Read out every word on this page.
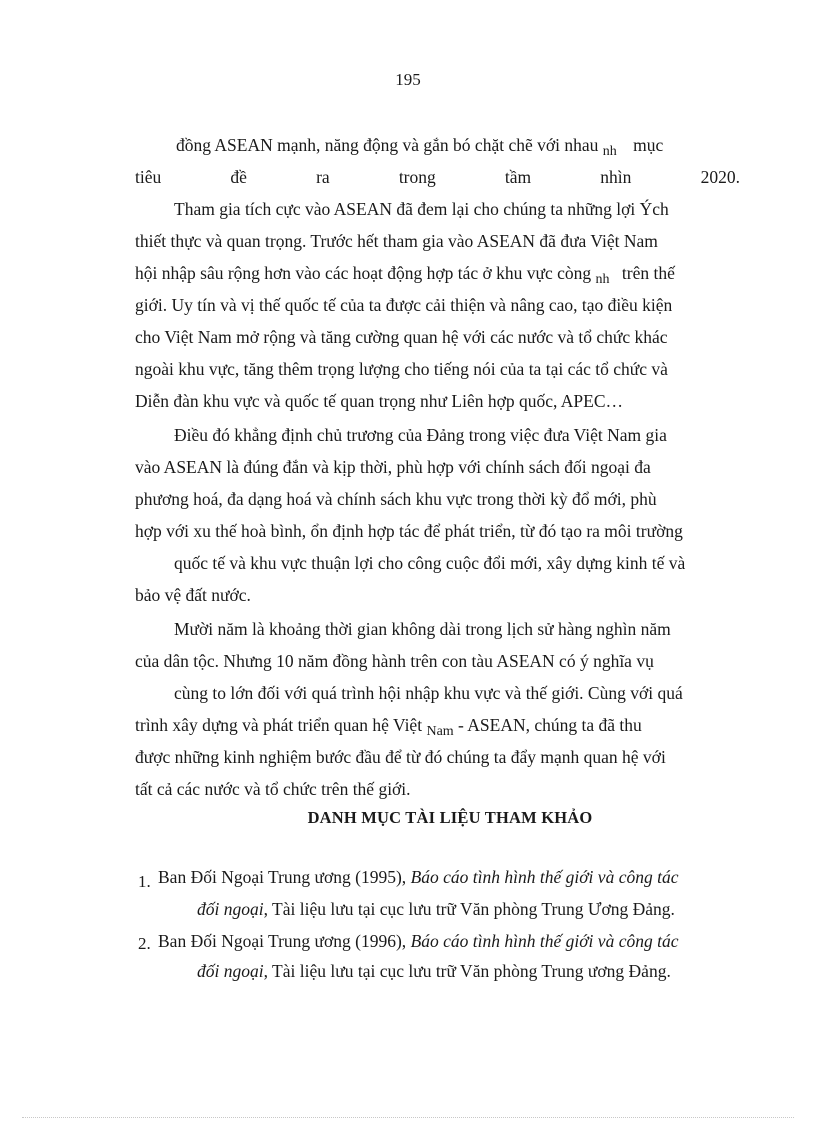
195
đồng ASEAN mạnh, năng động và gắn bó chặt chẽ với nhau $_{nh}$ mục
tiêu	đề	ra	trong	tầm	nhìn	2020.
Tham gia tích cực vào ASEAN đã đem lại cho chúng ta những lợi Ých
thiết thực và quan trọng. Trước hết tham gia vào ASEAN đã đưa Việt Nam
hội nhập sâu rộng hơn vào các hoạt động hợp tác ở khu vực còng $_{nh}$ trên thế
giới. Uy tín và vị thế quốc tế của ta được cải thiện và nâng cao, tạo điều kiện
cho Việt Nam mở rộng và tăng cường quan hệ với các nước và tổ chức khác
ngoài khu vực, tăng thêm trọng lượng cho tiếng nói của ta tại các tổ chức và
Diễn đàn khu vực và quốc tế quan trọng như Liên hợp quốc, APEC…
Điều đó khẳng định chủ trương của Đảng trong việc đưa Việt Nam gia
vào ASEAN là đúng đắn và kịp thời, phù hợp với chính sách đối ngoại đa
phương hoá, đa dạng hoá và chính sách khu vực trong thời kỳ đổ mới, phù
hợp với xu thế hoà bình, ổn định hợp tác để phát triển, từ đó tạo ra môi trường
quốc tế và khu vực thuận lợi cho công cuộc đổi mới, xây dựng kinh tế và
bảo vệ đất nước.
Mười năm là khoảng thời gian không dài trong lịch sử hàng nghìn năm
của dân tộc. Nhưng 10 năm đồng hành trên con tàu ASEAN có ý nghĩa vụ
cùng to lớn đối với quá trình hội nhập khu vực và thế giới. Cùng với quá
trình xây dựng và phát triển quan hệ Việt $_{Nam}$ - ASEAN, chúng ta đã thu
được những kinh nghiệm bước đầu để từ đó chúng ta đẩy mạnh quan hệ với
tất cả các nước và tổ chức trên thế giới.
DANH MỤC TÀI LIỆU THAM KHẢO
1. Ban Đối Ngoại Trung ương (1995), Báo cáo tình hình thế giới và công tác
đối ngoại, Tài liệu lưu tại cục lưu trữ Văn phòng Trung Ương Đảng.
2. Ban Đối Ngoại Trung ương (1996), Báo cáo tình hình thế giới và công tác
đối ngoại, Tài liệu lưu tại cục lưu trữ Văn phòng Trung ương Đảng.
